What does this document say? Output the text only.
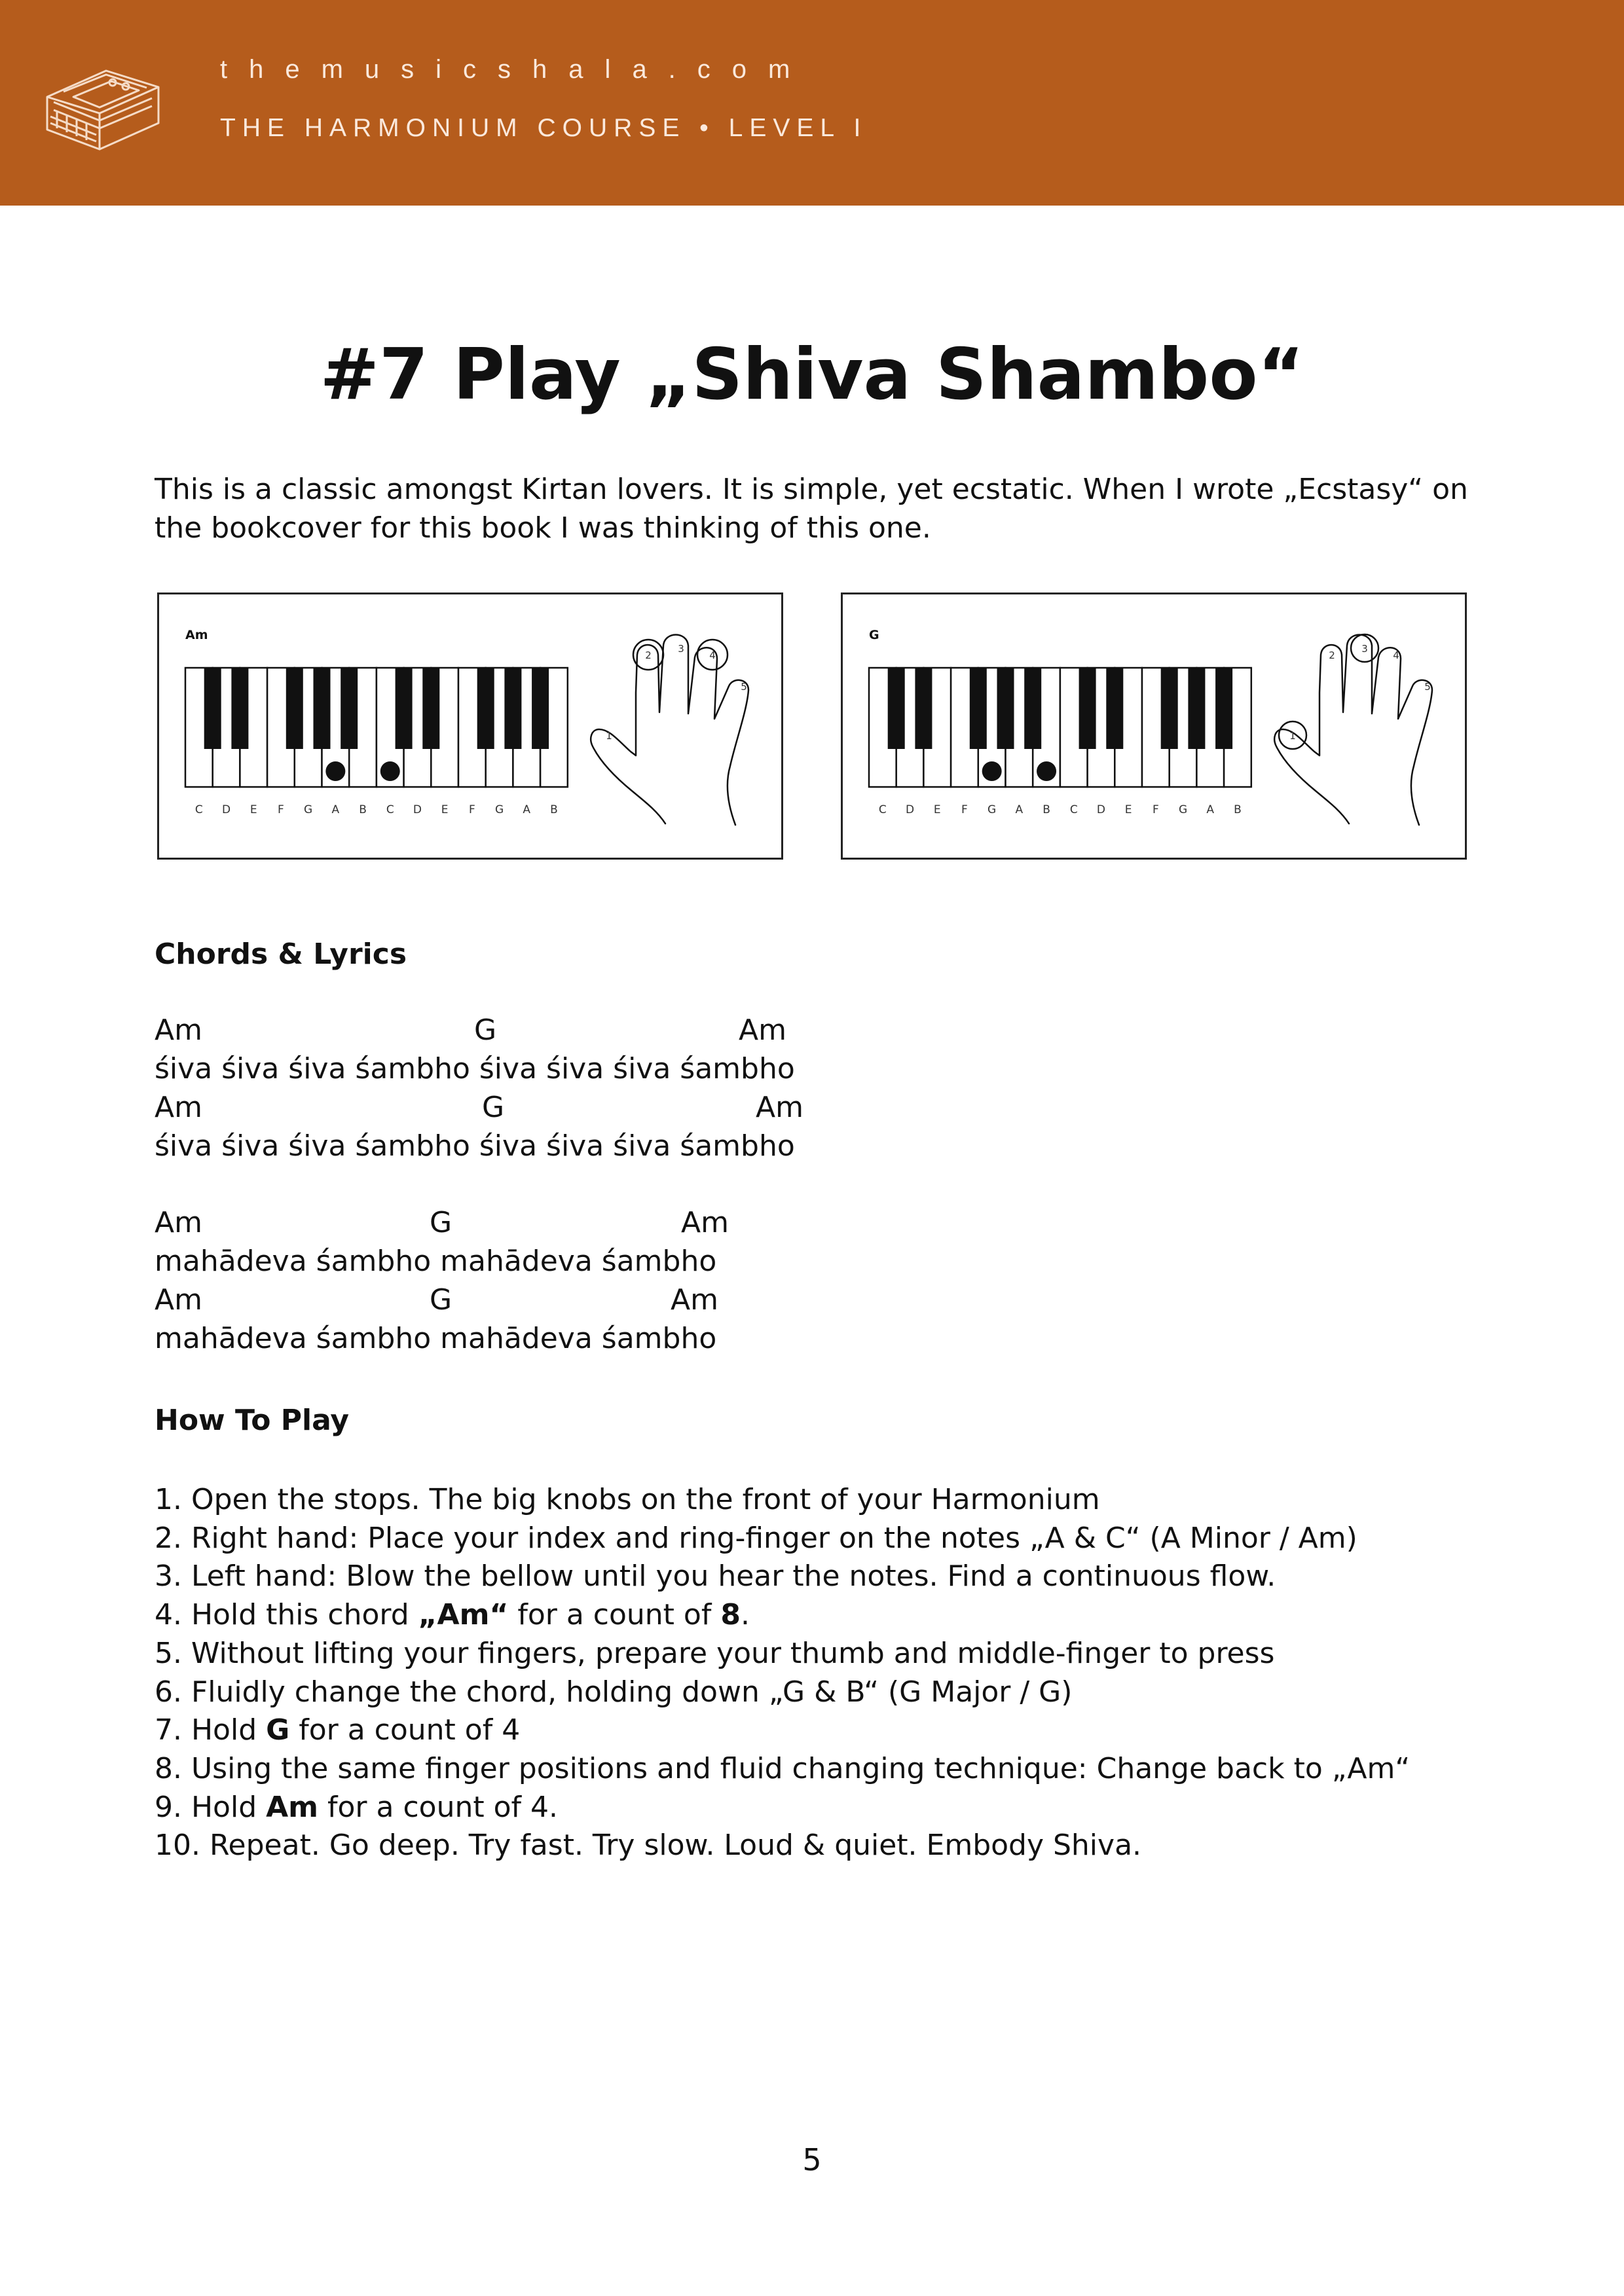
themusicshala.com
THE HARMONIUM COURSE • LEVEL I
#7 Play „Shiva Shambo“
This is a classic amongst Kirtan lovers. It is simple, yet ecstatic. When I wrote „Ecstasy“ on the bookcover for this book I was thinking of this one.
Am
C D E F G A B C D E F G A B
1
2
3
4
5
G
C D E F G A B C D E F G A B
1
2
3
4
5
Chords & Lyrics
Am	G	Am
śiva śiva śiva śambho śiva śiva śiva śambho
Am	G	Am
śiva śiva śiva śambho śiva śiva śiva śambho
Am	G	Am
mahādeva śambho mahādeva śambho
Am	G	Am
mahādeva śambho mahādeva śambho
How To Play
1. Open the stops. The big knobs on the front of your Harmonium
2. Right hand: Place your index and ring-finger on the notes „A & C“ (A Minor / Am)
3. Left hand: Blow the bellow until you hear the notes. Find a continuous flow.
4. Hold this chord „Am“ for a count of 8.
5. Without lifting your fingers, prepare your thumb and middle-finger to press
6. Fluidly change the chord, holding down „G & B“ (G Major / G)
7. Hold G for a count of 4
8. Using the same finger positions and fluid changing technique: Change back to „Am“
9. Hold Am for a count of 4.
10. Repeat. Go deep. Try fast. Try slow. Loud & quiet. Embody Shiva.
5
